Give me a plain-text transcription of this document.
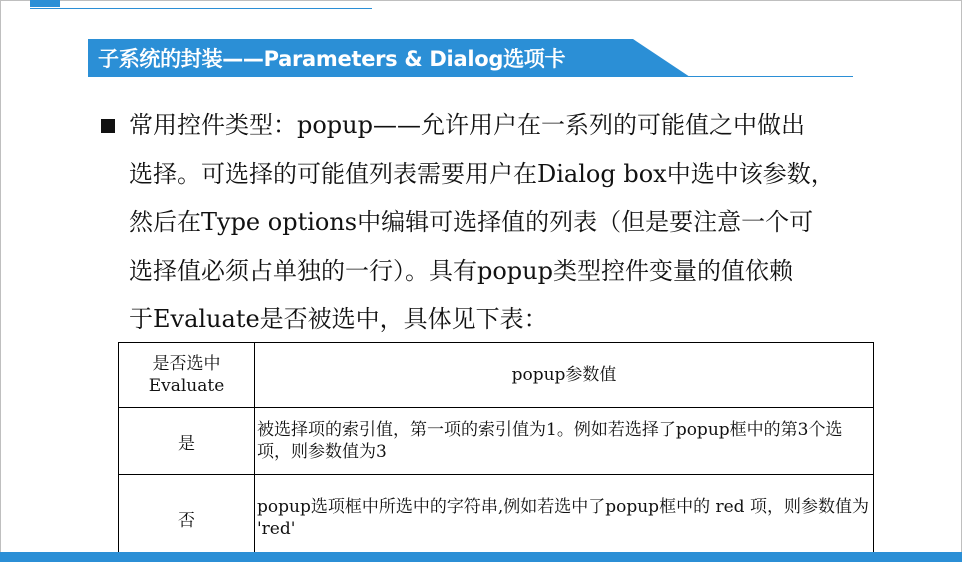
子系统的封装——Parameters & Dialog选项卡
常用控件类型：popup——允许用户在一系列的可能值之中做出
选择。可选择的可能值列表需要用户在Dialog box中选中该参数，
然后在Type options中编辑可选择值的列表（但是要注意一个可
选择值必须占单独的一行）。具有popup类型控件变量的值依赖
于Evaluate是否被选中，具体见下表：
是否选中
Evaluate	popup参数值
是	被选择项的索引值，第一项的索引值为1。例如若选择了popup框中的第3个选项，则参数值为3
否	popup选项框中所选中的字符串,例如若选中了popup框中的 red 项，则参数值为 'red'
